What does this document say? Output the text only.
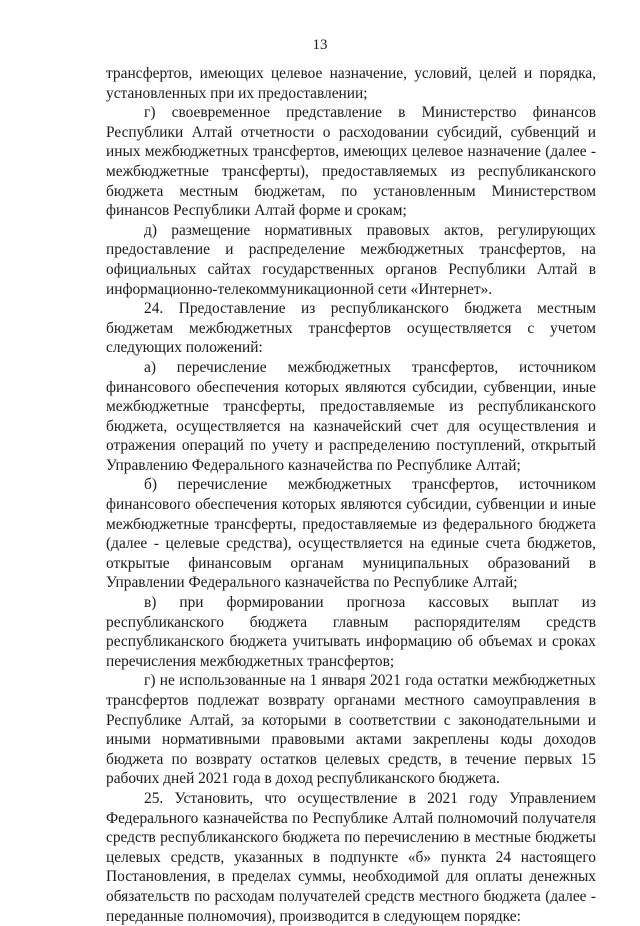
13

трансфертов, имеющих целевое назначение, условий, целей и порядка, установленных при их предоставлении;

г) своевременное представление в Министерство финансов Республики Алтай отчетности о расходовании субсидий, субвенций и иных межбюджетных трансфертов, имеющих целевое назначение (далее - межбюджетные трансферты), предоставляемых из республиканского бюджета местным бюджетам, по установленным Министерством финансов Республики Алтай форме и срокам;

д) размещение нормативных правовых актов, регулирующих предоставление и распределение межбюджетных трансфертов, на официальных сайтах государственных органов Республики Алтай в информационно-телекоммуникационной сети «Интернет».

24. Предоставление из республиканского бюджета местным бюджетам межбюджетных трансфертов осуществляется с учетом следующих положений:

а) перечисление межбюджетных трансфертов, источником финансового обеспечения которых являются субсидии, субвенции, иные межбюджетные трансферты, предоставляемые из республиканского бюджета, осуществляется на казначейский счет для осуществления и отражения операций по учету и распределению поступлений, открытый Управлению Федерального казначейства по Республике Алтай;

б) перечисление межбюджетных трансфертов, источником финансового обеспечения которых являются субсидии, субвенции и иные межбюджетные трансферты, предоставляемые из федерального бюджета (далее - целевые средства), осуществляется на единые счета бюджетов, открытые финансовым органам муниципальных образований в Управлении Федерального казначейства по Республике Алтай;

в) при формировании прогноза кассовых выплат из республиканского бюджета главным распорядителям средств республиканского бюджета учитывать информацию об объемах и сроках перечисления межбюджетных трансфертов;

г) не использованные на 1 января 2021 года остатки межбюджетных трансфертов подлежат возврату органами местного самоуправления в Республике Алтай, за которыми в соответствии с законодательными и иными нормативными правовыми актами закреплены коды доходов бюджета по возврату остатков целевых средств, в течение первых 15 рабочих дней 2021 года в доход республиканского бюджета.

25. Установить, что осуществление в 2021 году Управлением Федерального казначейства по Республике Алтай полномочий получателя средств республиканского бюджета по перечислению в местные бюджеты целевых средств, указанных в подпункте «б» пункта 24 настоящего Постановления, в пределах суммы, необходимой для оплаты денежных обязательств по расходам получателей средств местного бюджета (далее - переданные полномочия), производится в следующем порядке:
